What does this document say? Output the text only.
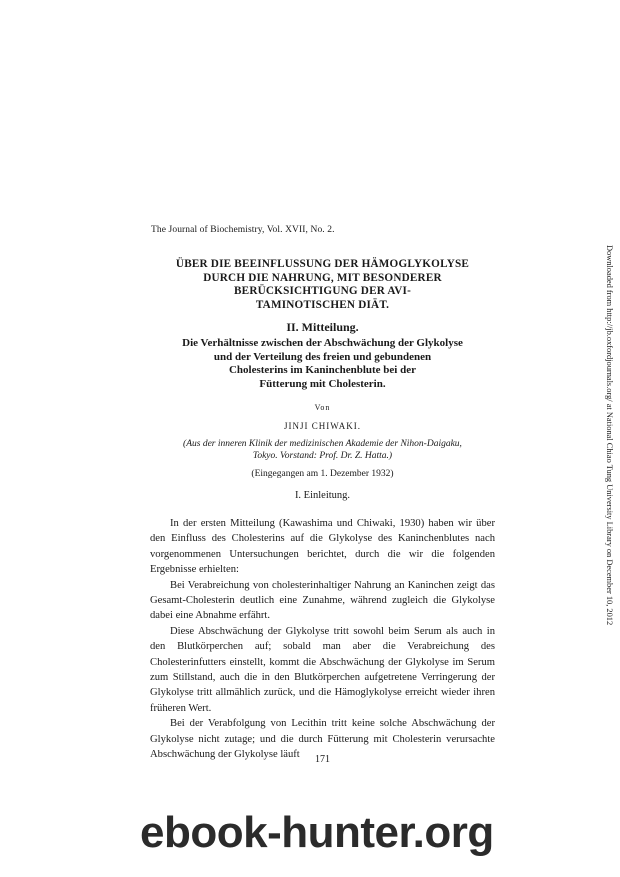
The Journal of Biochemistry, Vol. XVII, No. 2.
ÜBER DIE BEEINFLUSSUNG DER HÄMOGLYKOLYSE
DURCH DIE NAHRUNG, MIT BESONDERER
BERÜCKSICHTIGUNG DER AVI-
TAMINOTISCHEN DIÄT.
II. Mitteilung.
Die Verhältnisse zwischen der Abschwächung der Glykolyse
und der Verteilung des freien und gebundenen
Cholesterins im Kaninchenblute bei der
Fütterung mit Cholesterin.
Von
JINJI CHIWAKI.
(Aus der inneren Klinik der medizinischen Akademie der Nihon-Daigaku,
Tokyo. Vorstand: Prof. Dr. Z. Hatta.)
(Eingegangen am 1. Dezember 1932)
I. Einleitung.

In der ersten Mitteilung (Kawashima und Chiwaki, 1930) haben wir über den Einfluss des Cholesterins auf die Glykolyse des Kaninchenblutes nach vorgenommenen Untersuchungen berichtet, durch die wir die folgenden Ergebnisse erhielten:

Bei Verabreichung von cholesterinhaltiger Nahrung an Kaninchen zeigt das Gesamt-Cholesterin deutlich eine Zunahme, während zugleich die Glykolyse dabei eine Abnahme erfährt.

Diese Abschwächung der Glykolyse tritt sowohl beim Serum als auch in den Blutkörperchen auf; sobald man aber die Verabreichung des Cholesterinfutters einstellt, kommt die Abschwächung der Glykolyse im Serum zum Stillstand, auch die in den Blutkörperchen aufgetretene Verringerung der Glykolyse tritt allmählich zurück, und die Hämoglykolyse erreicht wieder ihren früheren Wert.

Bei der Verabfolgung von Lecithin tritt keine solche Abschwächung der Glykolyse nicht zutage; und die durch Fütterung mit Cholesterin verursachte Abschwächung der Glykolyse läuft	171
Downloaded from http://jb.oxfordjournals.org/ at National Chiao Tung University Library on December 10, 2012
ebook-hunter.org
